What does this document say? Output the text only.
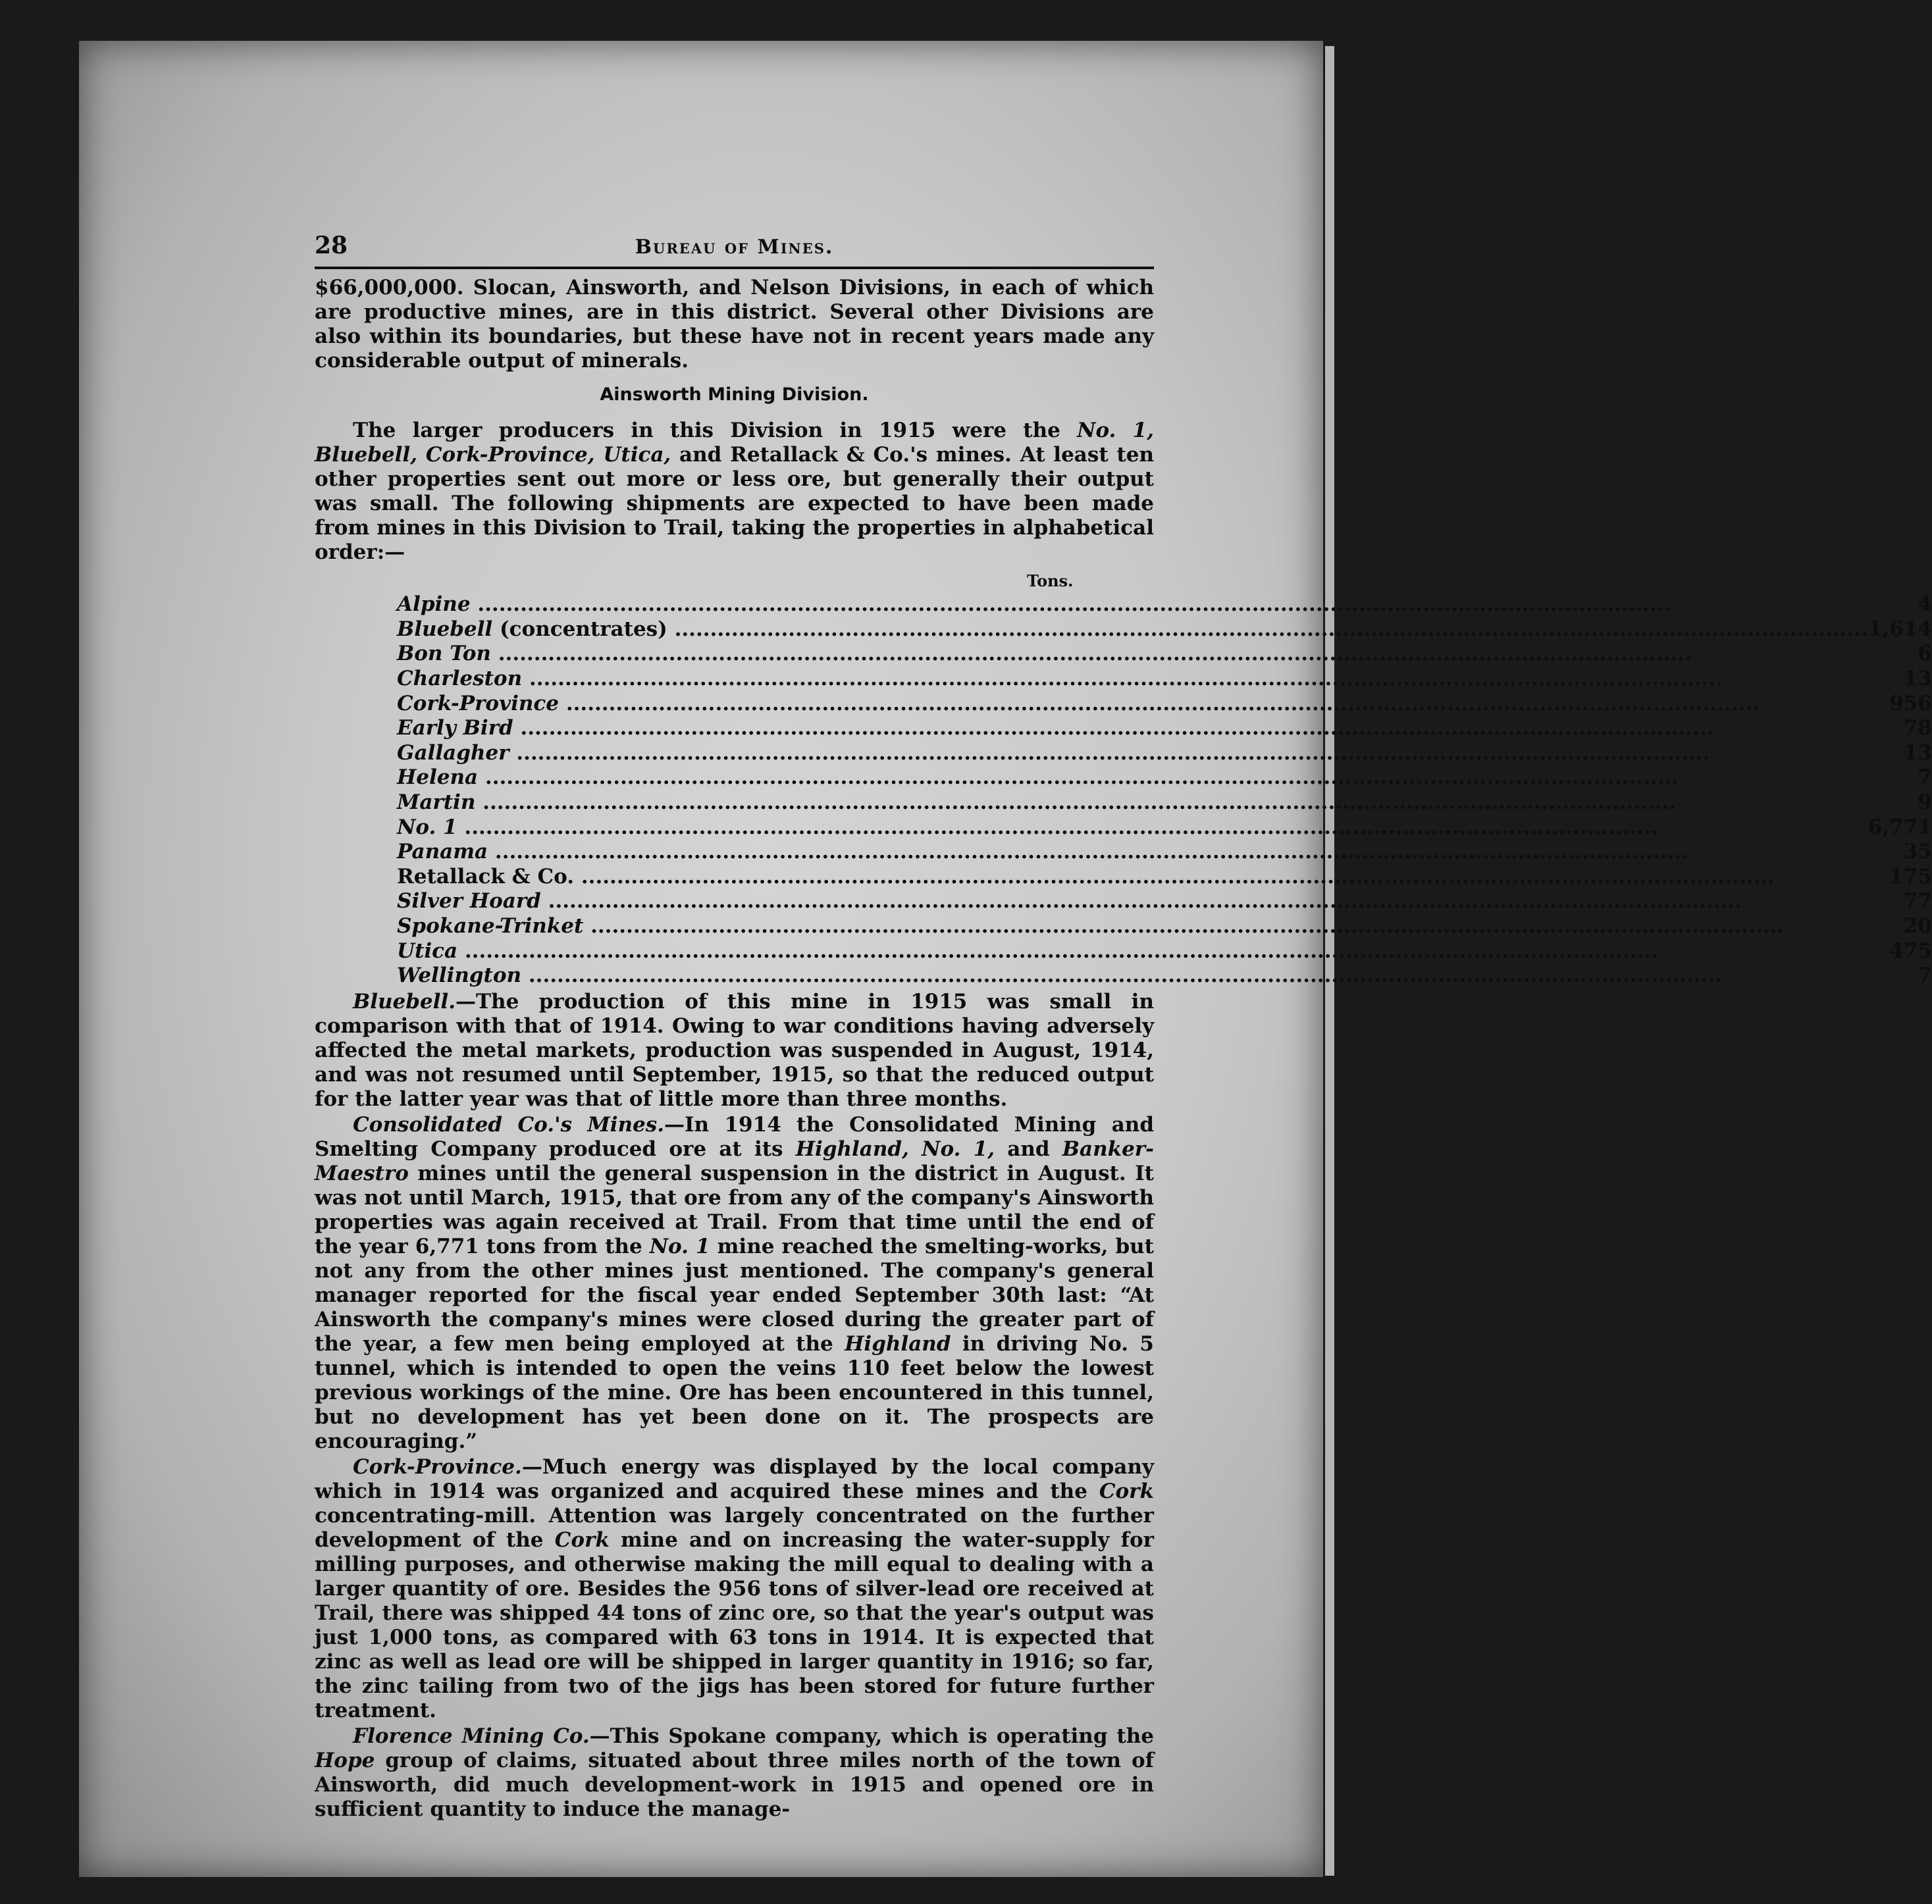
28	Bureau of Mines.

$66,000,000. Slocan, Ainsworth, and Nelson Divisions, in each of which are productive mines, are in this district. Several other Divisions are also within its boundaries, but these have not in recent years made any considerable output of minerals.

Ainsworth Mining Division.

The larger producers in this Division in 1915 were the No. 1, Bluebell, Cork-Province, Utica, and Retallack & Co.'s mines. At least ten other properties sent out more or less ore, but generally their output was small. The following shipments are expected to have been made from mines in this Division to Trail, taking the properties in alphabetical order:—

Tons.
Alpine .....	4
Bluebell (concentrates) .....	1,614
Bon Ton .....	6
Charleston .....	13
Cork-Province .....	956
Early Bird .....	78
Gallagher .....	13
Helena .....	7
Martin .....	9
No. 1 .....	6,771
Panama .....	35
Retallack & Co. .....	175
Silver Hoard .....	77
Spokane-Trinket .....	20
Utica .....	475
Wellington .....	7

Bluebell.—The production of this mine in 1915 was small in comparison with that of 1914. Owing to war conditions having adversely affected the metal markets, production was suspended in August, 1914, and was not resumed until September, 1915, so that the reduced output for the latter year was that of little more than three months.

Consolidated Co.'s Mines.—In 1914 the Consolidated Mining and Smelting Company produced ore at its Highland, No. 1, and Banker-Maestro mines until the general suspension in the district in August. It was not until March, 1915, that ore from any of the company's Ainsworth properties was again received at Trail. From that time until the end of the year 6,771 tons from the No. 1 mine reached the smelting-works, but not any from the other mines just mentioned. The company's general manager reported for the fiscal year ended September 30th last: “At Ainsworth the company's mines were closed during the greater part of the year, a few men being employed at the Highland in driving No. 5 tunnel, which is intended to open the veins 110 feet below the lowest previous workings of the mine. Ore has been encountered in this tunnel, but no development has yet been done on it. The prospects are encouraging.”

Cork-Province.—Much energy was displayed by the local company which in 1914 was organized and acquired these mines and the Cork concentrating-mill. Attention was largely concentrated on the further development of the Cork mine and on increasing the water-supply for milling purposes, and otherwise making the mill equal to dealing with a larger quantity of ore. Besides the 956 tons of silver-lead ore received at Trail, there was shipped 44 tons of zinc ore, so that the year's output was just 1,000 tons, as compared with 63 tons in 1914. It is expected that zinc as well as lead ore will be shipped in larger quantity in 1916; so far, the zinc tailing from two of the jigs has been stored for future further treatment.

Florence Mining Co.—This Spokane company, which is operating the Hope group of claims, situated about three miles north of the town of Ainsworth, did much development-work in 1915 and opened ore in sufficient quantity to induce the manage-
